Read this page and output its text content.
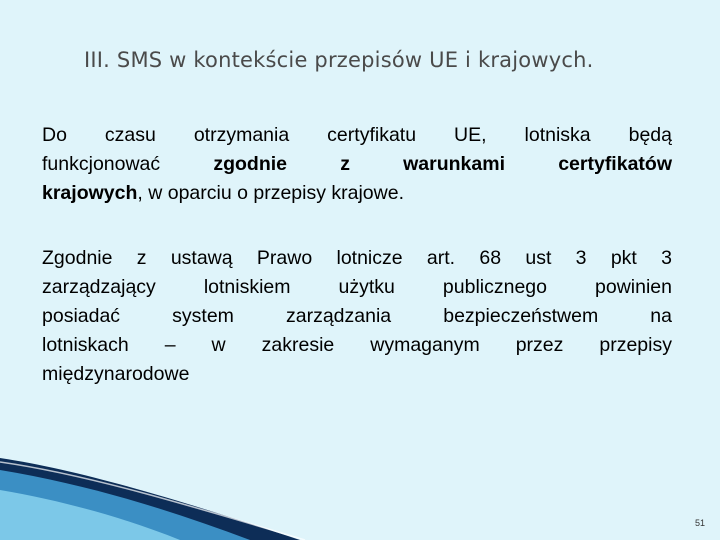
III. SMS w kontekście przepisów UE i krajowych.
Do czasu otrzymania certyfikatu UE, lotniska będą
funkcjonować zgodnie z warunkami certyfikatów
krajowych, w oparciu o przepisy krajowe.
Zgodnie z ustawą Prawo lotnicze art. 68 ust 3 pkt 3
zarządzający lotniskiem użytku publicznego powinien
posiadać system zarządzania bezpieczeństwem na
lotniskach – w zakresie wymaganym przez przepisy
międzynarodowe
51
